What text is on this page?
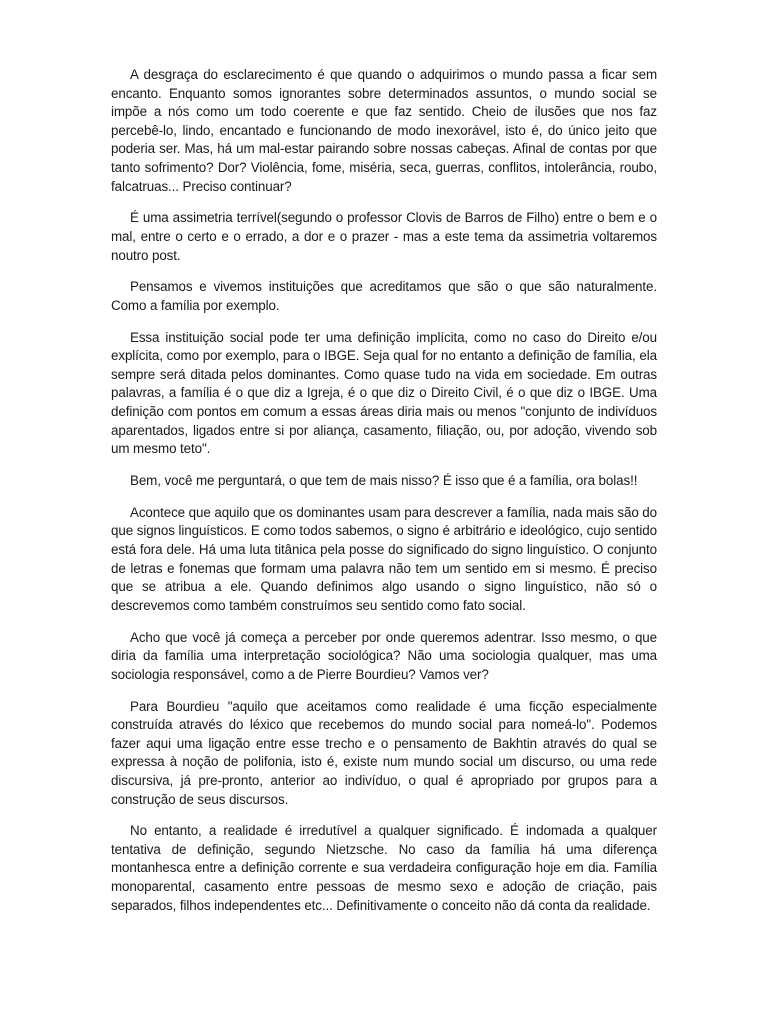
A desgraça do esclarecimento é que quando o adquirimos o mundo passa a ficar sem encanto. Enquanto somos ignorantes sobre determinados assuntos, o mundo social se impõe a nós como um todo coerente e que faz sentido. Cheio de ilusões que nos faz percebê-lo, lindo, encantado e funcionando de modo inexorável, isto é, do único jeito que poderia ser. Mas, há um mal-estar pairando sobre nossas cabeças. Afinal de contas por que tanto sofrimento? Dor? Violência, fome, miséria, seca, guerras, conflitos, intolerância, roubo, falcatruas... Preciso continuar?

É uma assimetria terrível(segundo o professor Clovis de Barros de Filho) entre o bem e o mal, entre o certo e o errado, a dor e o prazer - mas a este tema da assimetria voltaremos noutro post.

Pensamos e vivemos instituições que acreditamos que são o que são naturalmente. Como a família por exemplo.

Essa instituição social pode ter uma definição implícita, como no caso do Direito e/ou explícita, como por exemplo, para o IBGE. Seja qual for no entanto a definição de família, ela sempre será ditada pelos dominantes. Como quase tudo na vida em sociedade. Em outras palavras, a família é o que diz a Igreja, é o que diz o Direito Civil, é o que diz o IBGE. Uma definição com pontos em comum a essas áreas diria mais ou menos "conjunto de indivíduos aparentados, ligados entre si por aliança, casamento, filiação, ou, por adoção, vivendo sob um mesmo teto".

Bem, você me perguntará, o que tem de mais nisso? É isso que é a família, ora bolas!!

Acontece que aquilo que os dominantes usam para descrever a família, nada mais são do que signos linguísticos. E como todos sabemos, o signo é arbitrário e ideológico, cujo sentido está fora dele. Há uma luta titânica pela posse do significado do signo linguístico. O conjunto de letras e fonemas que formam uma palavra não tem um sentido em si mesmo. É preciso que se atribua a ele. Quando definimos algo usando o signo linguístico, não só o descrevemos como também construímos seu sentido como fato social.

Acho que você já começa a perceber por onde queremos adentrar. Isso mesmo, o que diria da família uma interpretação sociológica? Não uma sociologia qualquer, mas uma sociologia responsável, como a de Pierre Bourdieu? Vamos ver?

Para Bourdieu "aquilo que aceitamos como realidade é uma ficção especialmente construída através do léxico que recebemos do mundo social para nomeá-lo". Podemos fazer aqui uma ligação entre esse trecho e o pensamento de Bakhtin através do qual se expressa à noção de polifonia, isto é, existe num mundo social um discurso, ou uma rede discursiva, já pre-pronto, anterior ao indivíduo, o qual é apropriado por grupos para a construção de seus discursos.

No entanto, a realidade é irredutível a qualquer significado. É indomada a qualquer tentativa de definição, segundo Nietzsche. No caso da família há uma diferença montanhesca entre a definição corrente e sua verdadeira configuração hoje em dia. Família monoparental, casamento entre pessoas de mesmo sexo e adoção de criação, pais separados, filhos independentes etc... Definitivamente o conceito não dá conta da realidade.
